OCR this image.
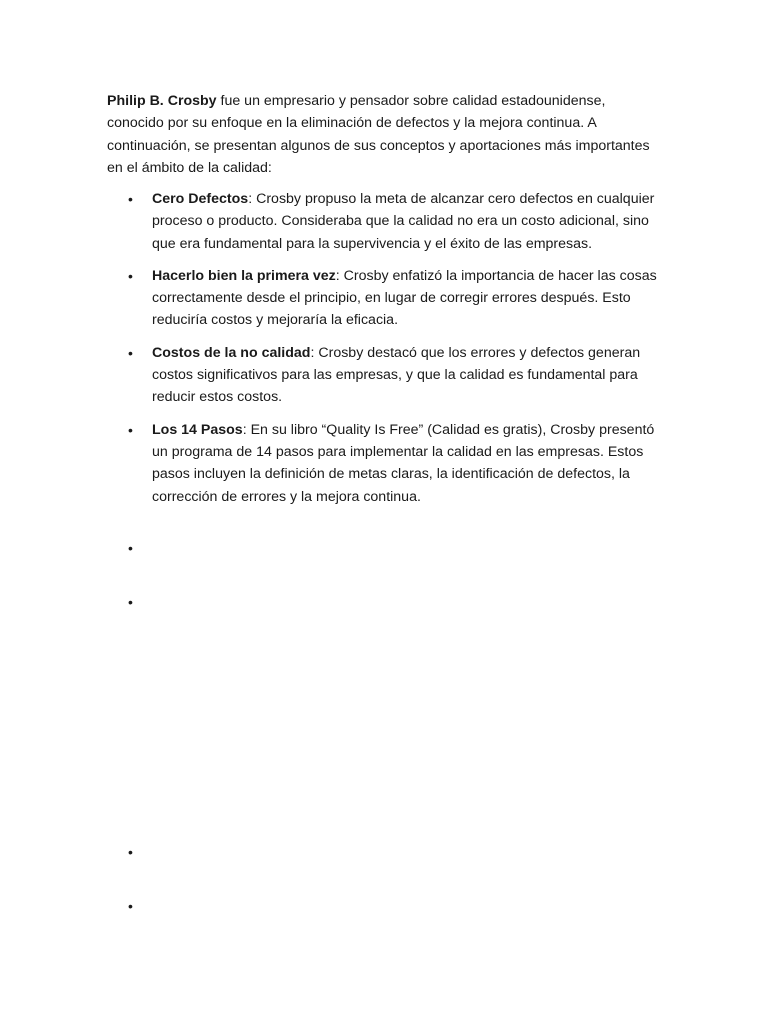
Philip B. Crosby fue un empresario y pensador sobre calidad estadounidense, conocido por su enfoque en la eliminación de defectos y la mejora continua. A continuación, se presentan algunos de sus conceptos y aportaciones más importantes en el ámbito de la calidad:

• Cero Defectos: Crosby propuso la meta de alcanzar cero defectos en cualquier proceso o producto. Consideraba que la calidad no era un costo adicional, sino que era fundamental para la supervivencia y el éxito de las empresas.
• Hacerlo bien la primera vez: Crosby enfatizó la importancia de hacer las cosas correctamente desde el principio, en lugar de corregir errores después. Esto reduciría costos y mejoraría la eficacia.
• Costos de la no calidad: Crosby destacó que los errores y defectos generan costos significativos para las empresas, y que la calidad es fundamental para reducir estos costos.
• Los 14 Pasos: En su libro “Quality Is Free” (Calidad es gratis), Crosby presentó un programa de 14 pasos para implementar la calidad en las empresas. Estos pasos incluyen la definición de metas claras, la identificación de defectos, la corrección de errores y la mejora continua.
•
•
•
•
